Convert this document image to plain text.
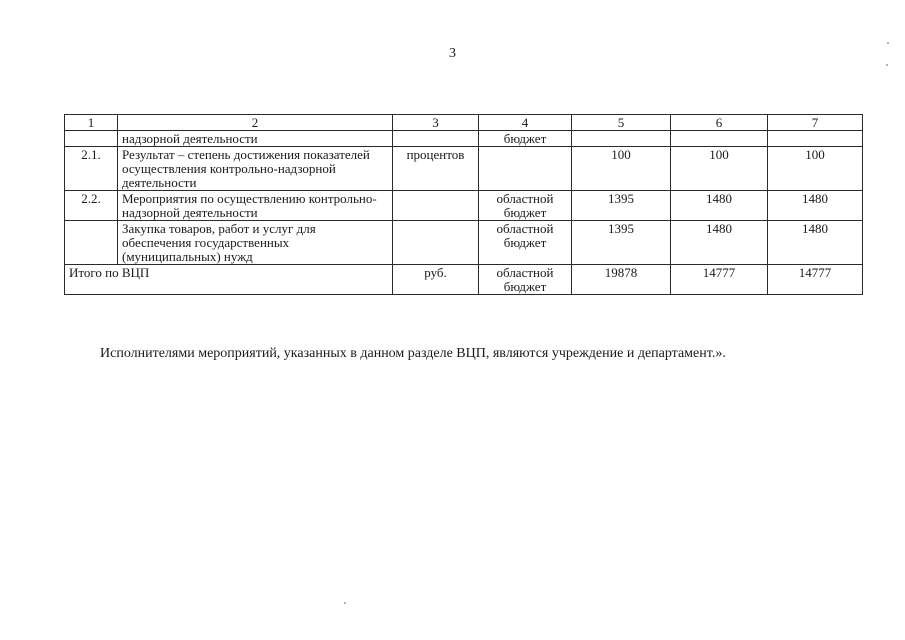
3
1	2	3	4	5	6	7
	надзорной деятельности		бюджет			
2.1.	Результат – степень достижения показателей осуществления контрольно-надзорной деятельности	процентов		100	100	100
2.2.	Мероприятия по осуществлению контрольно-надзорной деятельности		областной бюджет	1395	1480	1480
	Закупка товаров, работ и услуг для обеспечения государственных (муниципальных) нужд		областной бюджет	1395	1480	1480
Итого по ВЦП		руб.	областной бюджет	19878	14777	14777
Исполнителями мероприятий, указанных в данном разделе ВЦП, являются учреждение и департамент.».
